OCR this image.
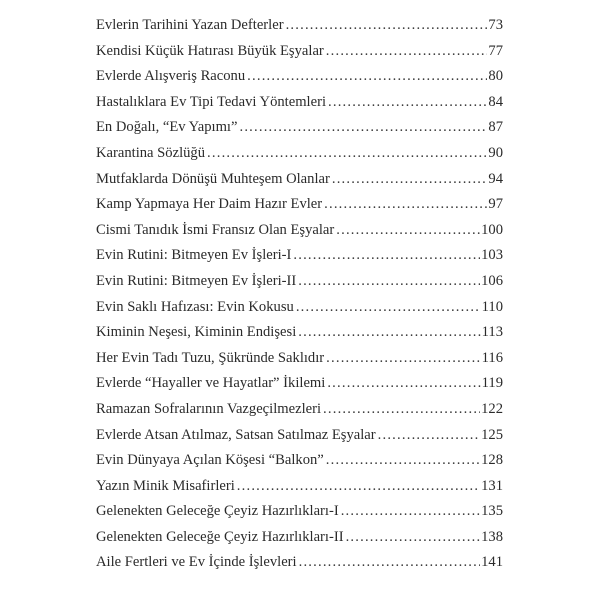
Evlerin Tarihini Yazan Defterler .....	73
Kendisi Küçük Hatırası Büyük Eşyalar .....	77
Evlerde Alışveriş Raconu .....	80
Hastalıklara Ev Tipi Tedavi Yöntemleri .....	84
En Doğalı, “Ev Yapımı” .....	87
Karantina Sözlüğü .....	90
Mutfaklarda Dönüşü Muhteşem Olanlar .....	94
Kamp Yapmaya Her Daim Hazır Evler .....	97
Cismi Tanıdık İsmi Fransız Olan Eşyalar .....	100
Evin Rutini: Bitmeyen Ev İşleri-I .....	103
Evin Rutini: Bitmeyen Ev İşleri-II .....	106
Evin Saklı Hafızası: Evin Kokusu .....	110
Kiminin Neşesi, Kiminin Endişesi .....	113
Her Evin Tadı Tuzu, Şükründe Saklıdır .....	116
Evlerde “Hayaller ve Hayatlar” İkilemi .....	119
Ramazan Sofralarının Vazgeçilmezleri .....	122
Evlerde Atsan Atılmaz, Satsan Satılmaz Eşyalar .....	125
Evin Dünyaya Açılan Köşesi “Balkon” .....	128
Yazın Minik Misafirleri .....	131
Gelenekten Geleceğe Çeyiz Hazırlıkları-I .....	135
Gelenekten Geleceğe Çeyiz Hazırlıkları-II .....	138
Aile Fertleri ve Ev İçinde İşlevleri .....	141
